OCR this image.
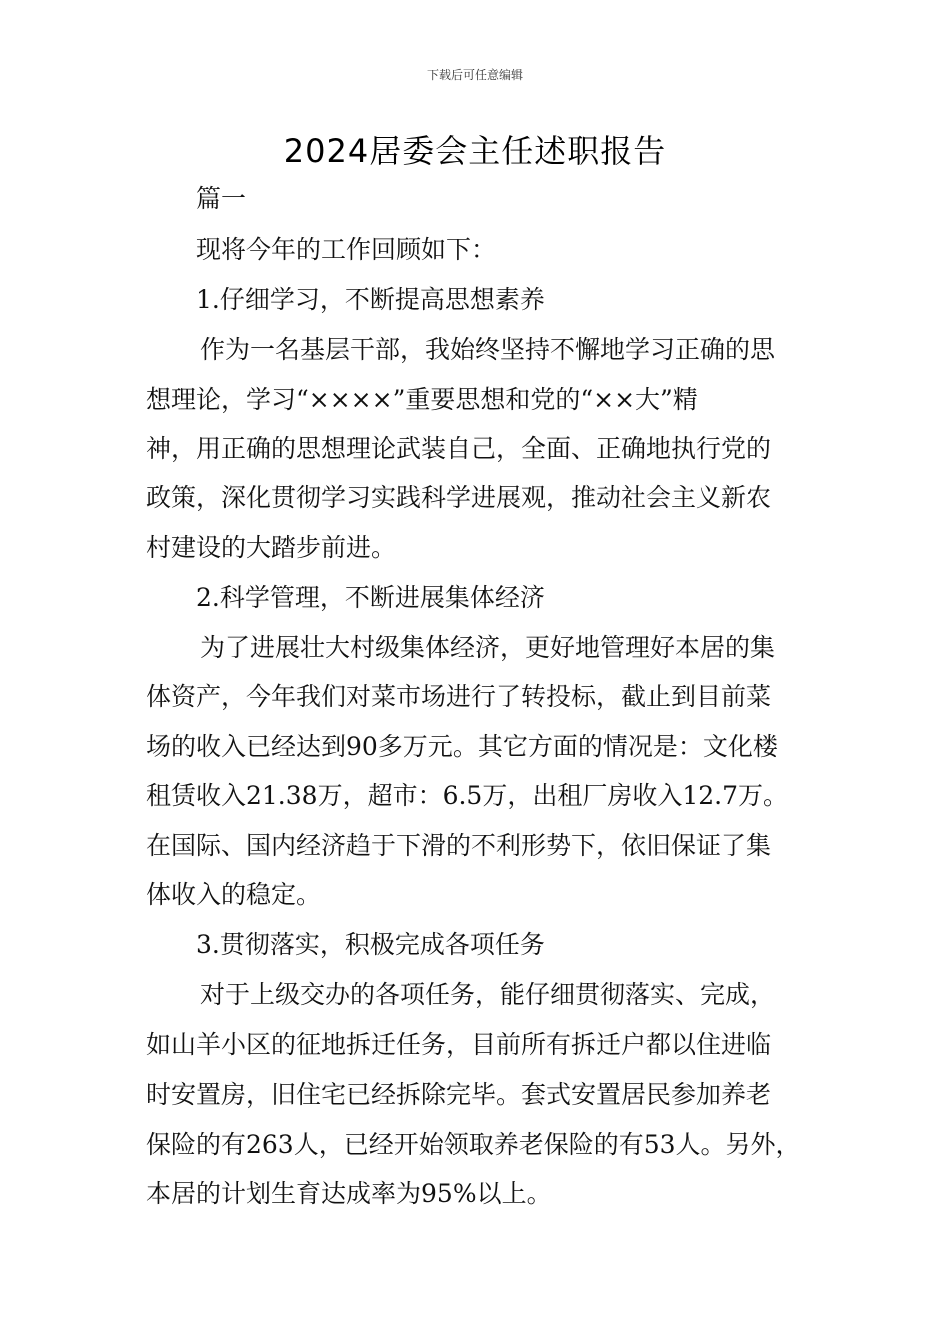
下载后可任意编辑
2024居委会主任述职报告
篇一
现将今年的工作回顾如下：
1.仔细学习，不断提高思想素养
作为一名基层干部，我始终坚持不懈地学习正确的思
想理论，学习“××××”重要思想和党的“××大”精
神，用正确的思想理论武装自己，全面、正确地执行党的
政策，深化贯彻学习实践科学进展观，推动社会主义新农
村建设的大踏步前进。
2.科学管理，不断进展集体经济
为了进展壮大村级集体经济，更好地管理好本居的集
体资产，今年我们对菜市场进行了转投标，截止到目前菜
场的收入已经达到90多万元。其它方面的情况是：文化楼
租赁收入21.38万，超市：6.5万，出租厂房收入12.7万。
在国际、国内经济趋于下滑的不利形势下，依旧保证了集
体收入的稳定。
3.贯彻落实，积极完成各项任务
对于上级交办的各项任务，能仔细贯彻落实、完成，
如山羊小区的征地拆迁任务，目前所有拆迁户都以住进临
时安置房，旧住宅已经拆除完毕。套式安置居民参加养老
保险的有263人，已经开始领取养老保险的有53人。另外，
本居的计划生育达成率为95%以上。
